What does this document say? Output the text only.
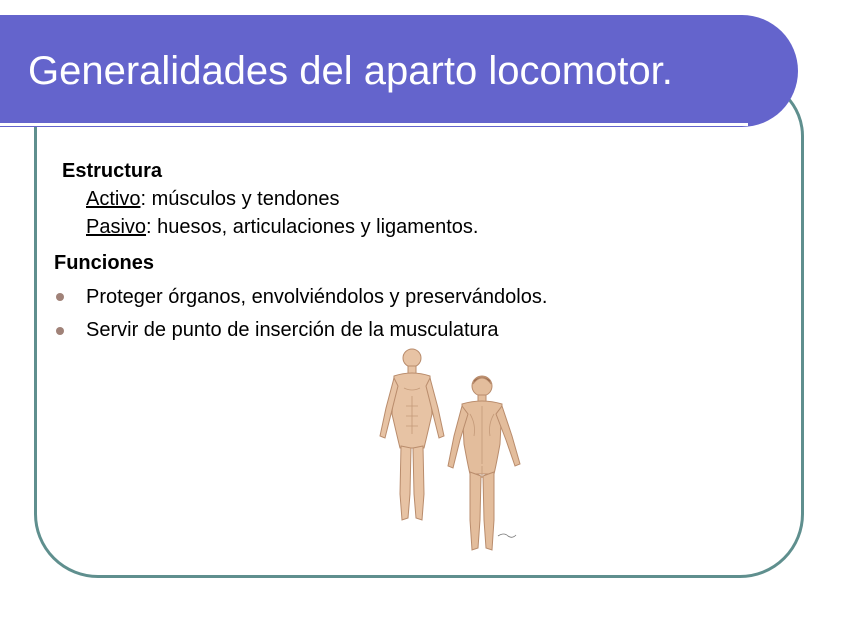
Generalidades del aparto locomotor.
Estructura
Activo: músculos y tendones
Pasivo: huesos, articulaciones y ligamentos.
Funciones
Proteger órganos, envolviéndolos y preservándolos.
Servir de punto de inserción de la musculatura
